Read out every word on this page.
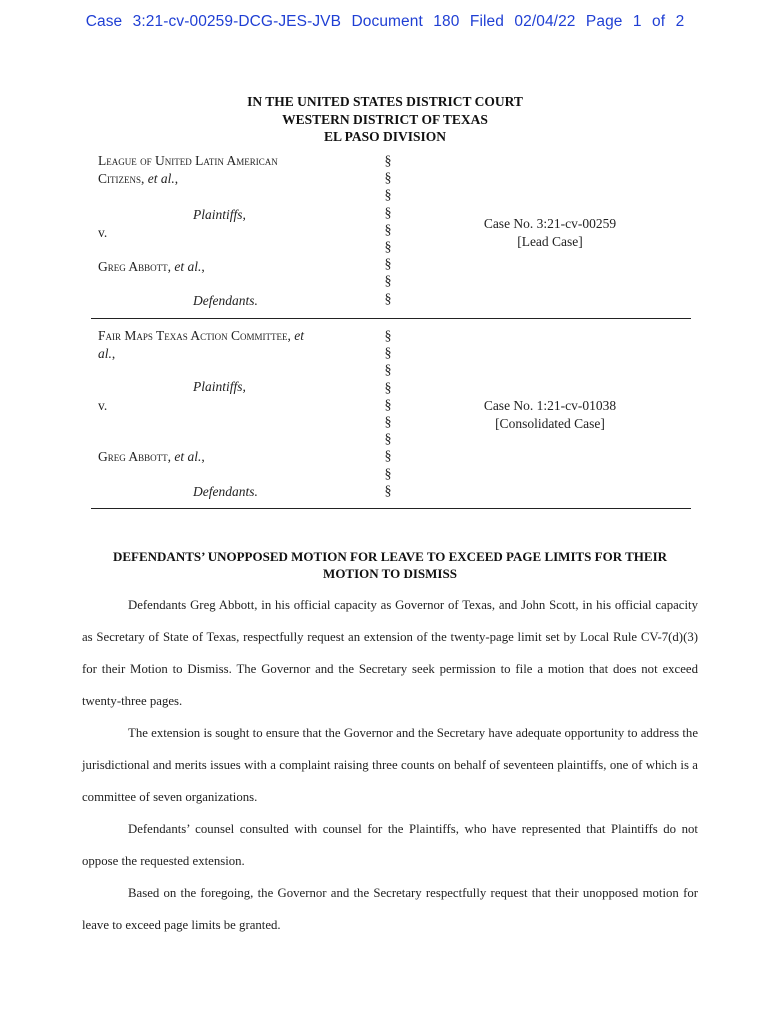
Case 3:21-cv-00259-DCG-JES-JVB Document 180 Filed 02/04/22 Page 1 of 2
IN THE UNITED STATES DISTRICT COURT
WESTERN DISTRICT OF TEXAS
EL PASO DIVISION
League of United Latin American
Citizens, et al.,
Plaintiffs,
v.
Greg Abbott, et al.,
Defendants.
§
§
§
§
§
§
§
§
§
Case No. 3:21-cv-00259
[Lead Case]
Fair Maps Texas Action Committee, et
al.,
Plaintiffs,
v.
Greg Abbott, et al.,
Defendants.
§
§
§
§
§
§
§
§
§
§
Case No. 1:21-cv-01038
[Consolidated Case]
DEFENDANTS’ UNOPPOSED MOTION FOR LEAVE TO EXCEED PAGE LIMITS FOR THEIR
MOTION TO DISMISS

Defendants Greg Abbott, in his official capacity as Governor of Texas, and John Scott, in his official capacity as Secretary of State of Texas, respectfully request an extension of the twenty-page limit set by Local Rule CV-7(d)(3) for their Motion to Dismiss. The Governor and the Secretary seek permission to file a motion that does not exceed twenty-three pages.

The extension is sought to ensure that the Governor and the Secretary have adequate opportunity to address the jurisdictional and merits issues with a complaint raising three counts on behalf of seventeen plaintiffs, one of which is a committee of seven organizations.

Defendants’ counsel consulted with counsel for the Plaintiffs, who have represented that Plaintiffs do not oppose the requested extension.

Based on the foregoing, the Governor and the Secretary respectfully request that their unopposed motion for leave to exceed page limits be granted.
